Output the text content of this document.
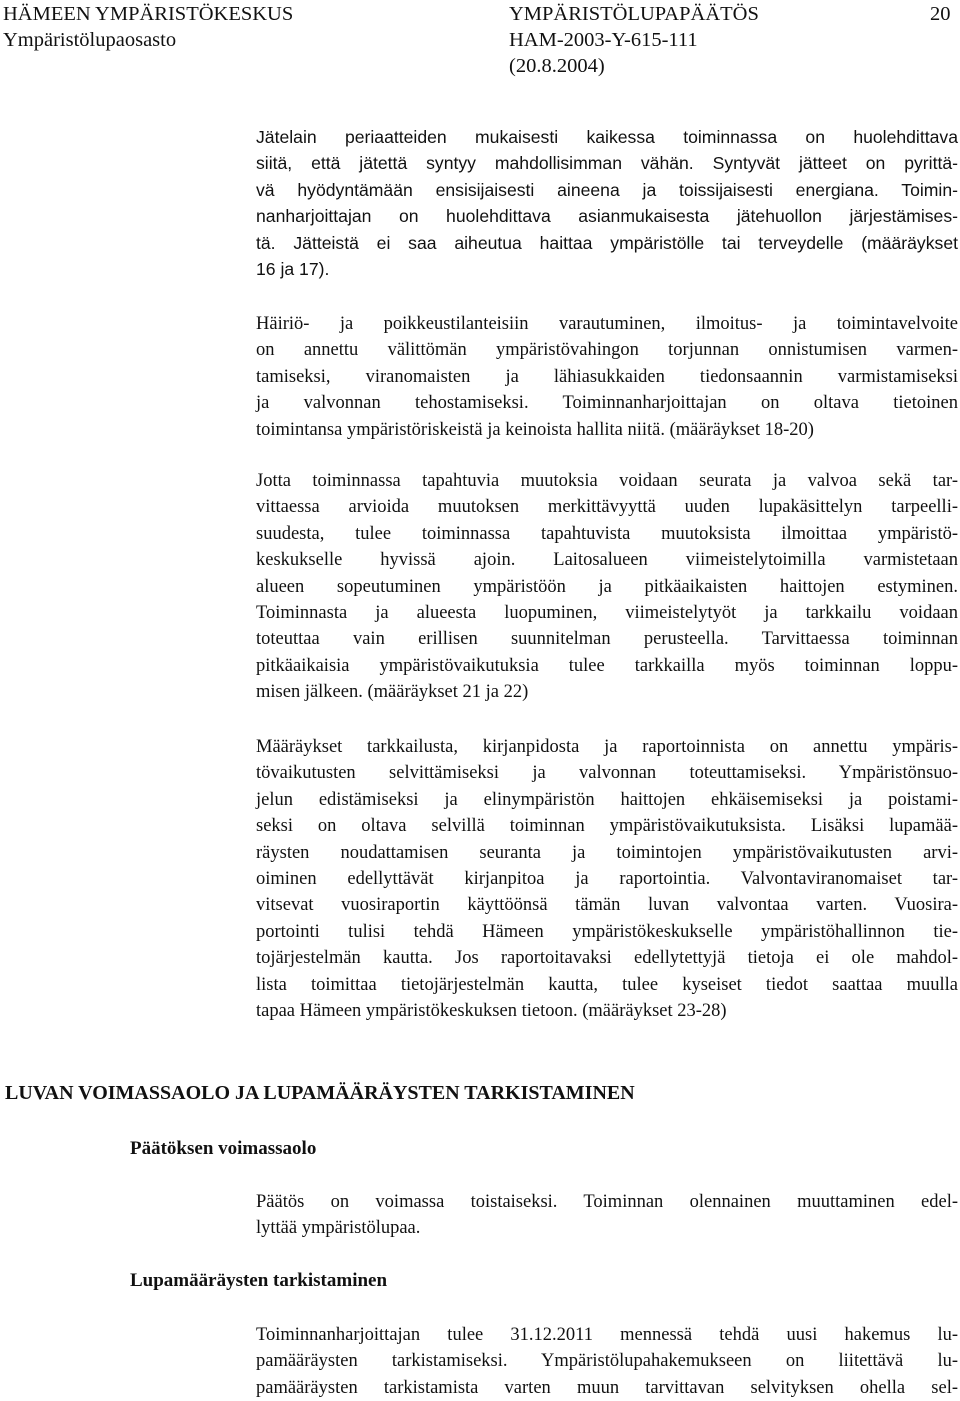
HÄMEEN YMPÄRISTÖKESKUS
Ympäristölupaosasto
YMPÄRISTÖLUPAPÄÄTÖS
HAM-2003-Y-615-111
(20.8.2004)
20
Jätelain periaatteiden mukaisesti kaikessa toiminnassa on huolehdittava
siitä, että jätettä syntyy mahdollisimman vähän. Syntyvät jätteet on pyrittä-
vä hyödyntämään ensisijaisesti aineena ja toissijaisesti energiana. Toimin-
nanharjoittajan on huolehdittava asianmukaisesta jätehuollon järjestämises-
tä. Jätteistä ei saa aiheutua haittaa ympäristölle tai terveydelle (määräykset
16 ja 17).
Häiriö- ja poikkeustilanteisiin varautuminen, ilmoitus- ja toimintavelvoite
on annettu välittömän ympäristövahingon torjunnan onnistumisen varmen-
tamiseksi, viranomaisten ja lähiasukkaiden tiedonsaannin varmistamiseksi
ja valvonnan tehostamiseksi. Toiminnanharjoittajan on oltava tietoinen
toimintansa ympäristöriskeistä ja keinoista hallita niitä. (määräykset 18-20)
Jotta toiminnassa tapahtuvia muutoksia voidaan seurata ja valvoa sekä tar-
vittaessa arvioida muutoksen merkittävyyttä uuden lupakäsittelyn tarpeelli-
suudesta, tulee toiminnassa tapahtuvista muutoksista ilmoittaa ympäristö-
keskukselle hyvissä ajoin. Laitosalueen viimeistelytoimilla varmistetaan
alueen sopeutuminen ympäristöön ja pitkäaikaisten haittojen estyminen.
Toiminnasta ja alueesta luopuminen, viimeistelytyöt ja tarkkailu voidaan
toteuttaa vain erillisen suunnitelman perusteella. Tarvittaessa toiminnan
pitkäaikaisia ympäristövaikutuksia tulee tarkkailla myös toiminnan loppu-
misen jälkeen. (määräykset 21 ja 22)
Määräykset tarkkailusta, kirjanpidosta ja raportoinnista on annettu ympäris-
tövaikutusten selvittämiseksi ja valvonnan toteuttamiseksi. Ympäristönsuo-
jelun edistämiseksi ja elinympäristön haittojen ehkäisemiseksi ja poistami-
seksi on oltava selvillä toiminnan ympäristövaikutuksista. Lisäksi lupamää-
räysten noudattamisen seuranta ja toimintojen ympäristövaikutusten arvi-
oiminen edellyttävät kirjanpitoa ja raportointia. Valvontaviranomaiset tar-
vitsevat vuosiraportin käyttöönsä tämän luvan valvontaa varten. Vuosira-
portointi tulisi tehdä Hämeen ympäristökeskukselle ympäristöhallinnon tie-
tojärjestelmän kautta. Jos raportoitavaksi edellytettyjä tietoja ei ole mahdol-
lista toimittaa tietojärjestelmän kautta, tulee kyseiset tiedot saattaa muulla
tapaa Hämeen ympäristökeskuksen tietoon. (määräykset 23-28)
LUVAN VOIMASSAOLO JA LUPAMÄÄRÄYSTEN TARKISTAMINEN
Päätöksen voimassaolo
Päätös on voimassa toistaiseksi. Toiminnan olennainen muuttaminen edel-
lyttää ympäristölupaa.
Lupamääräysten tarkistaminen
Toiminnanharjoittajan tulee 31.12.2011 mennessä tehdä uusi hakemus lu-
pamääräysten tarkistamiseksi. Ympäristölupahakemukseen on liitettävä lu-
pamääräysten tarkistamista varten muun tarvittavan selvityksen ohella sel-
